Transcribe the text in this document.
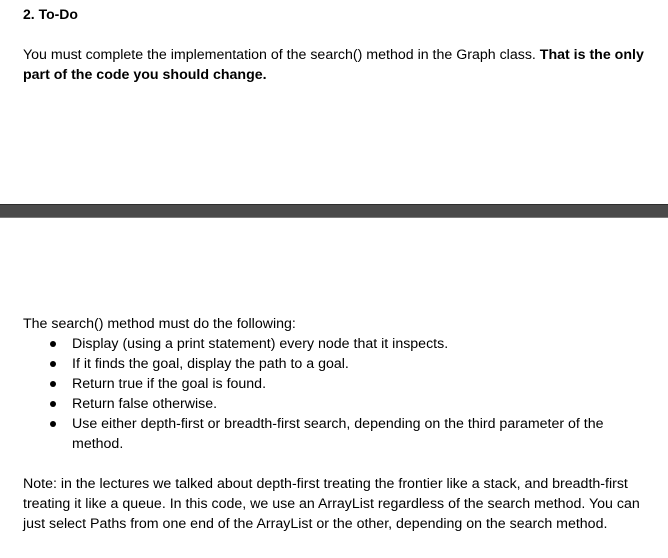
2. To-Do

You must complete the implementation of the search() method in the Graph class. That is the only part of the code you should change.

The search() method must do the following:

Display (using a print statement) every node that it inspects.
If it finds the goal, display the path to a goal.
Return true if the goal is found.
Return false otherwise.
Use either depth-first or breadth-first search, depending on the third parameter of the method.

Note: in the lectures we talked about depth-first treating the frontier like a stack, and breadth-first treating it like a queue. In this code, we use an ArrayList regardless of the search method. You can just select Paths from one end of the ArrayList or the other, depending on the search method.
